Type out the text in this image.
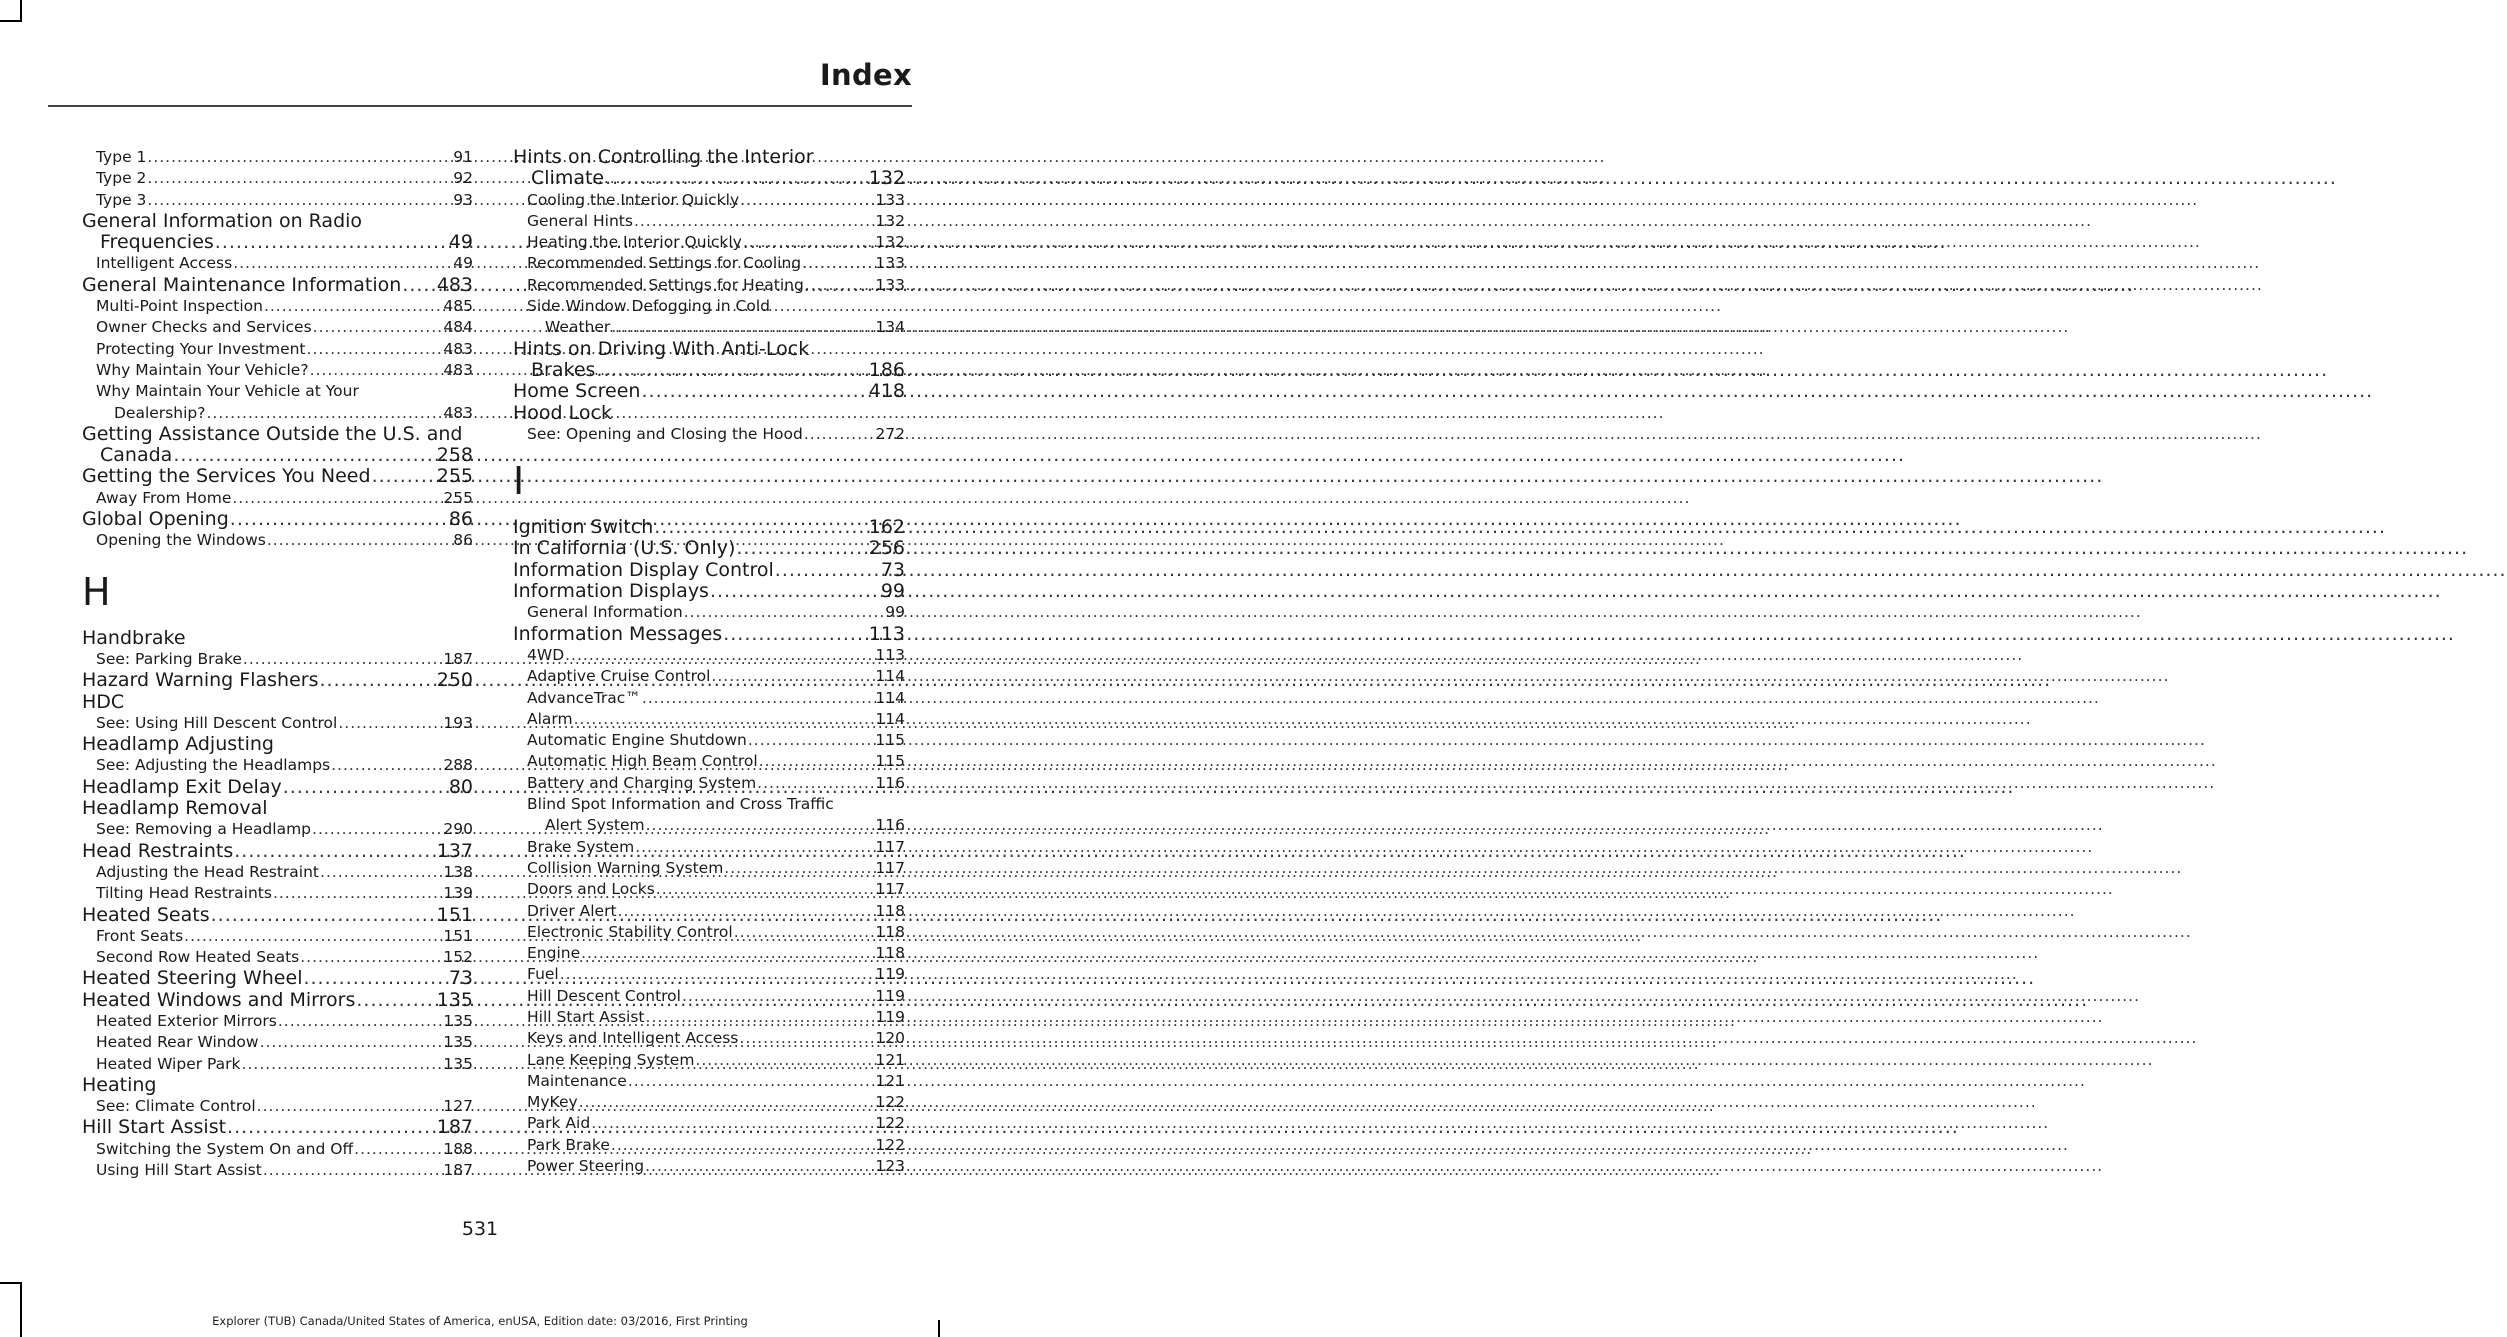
Index
Type 1 .....	91
Type 2 .....	92
Type 3 .....	93
General Information on Radio
Frequencies .....	49
Intelligent Access .....	49
General Maintenance Information ..... 483
Multi-Point Inspection .....	485
Owner Checks and Services .....	484
Protecting Your Investment .....	483
Why Maintain Your Vehicle? .....	483
Why Maintain Your Vehicle at Your
Dealership? .....	483
Getting Assistance Outside the U.S. and
Canada .....	258
Getting the Services You Need .....	255
Away From Home .....	255
Global Opening .....	86
Opening the Windows .....	86
H
Handbrake
See: Parking Brake .....	187
Hazard Warning Flashers .....	250
HDC
See: Using Hill Descent Control .....	193
Headlamp Adjusting
See: Adjusting the Headlamps .....	288
Headlamp Exit Delay .....	80
Headlamp Removal
See: Removing a Headlamp .....	290
Head Restraints .....	137
Adjusting the Head Restraint .....	138
Tilting Head Restraints .....	139
Heated Seats .....	151
Front Seats .....	151
Second Row Heated Seats .....	152
Heated Steering Wheel .....	73
Heated Windows and Mirrors .....	135
Heated Exterior Mirrors .....	135
Heated Rear Window .....	135
Heated Wiper Park .....	135
Heating
See: Climate Control .....	127
Hill Start Assist .....	187
Switching the System On and Off .....	188
Using Hill Start Assist .....	187
Hints on Controlling the Interior
Climate .....	132
Cooling the Interior Quickly .....	133
General Hints .....	132
Heating the Interior Quickly .....	132
Recommended Settings for Cooling .....	133
Recommended Settings for Heating .....	133
Side Window Defogging in Cold
Weather .....	134
Hints on Driving With Anti-Lock
Brakes .....	186
Home Screen .....	418
Hood Lock
See: Opening and Closing the Hood .....	272
I
Ignition Switch .....	162
In California (U.S. Only) .....	256
Information Display Control .....	73
Information Displays .....	99
General Information .....	99
Information Messages .....	113
4WD .....	113
Adaptive Cruise Control .....	114
AdvanceTrac™ .....	114
Alarm .....	114
Automatic Engine Shutdown .....	115
Automatic High Beam Control .....	115
Battery and Charging System .....	116
Blind Spot Information and Cross Traffic
Alert System .....	116
Brake System .....	117
Collision Warning System .....	117
Doors and Locks .....	117
Driver Alert .....	118
Electronic Stability Control .....	118
Engine .....	118
Fuel .....	119
Hill Descent Control .....	119
Hill Start Assist .....	119
Keys and Intelligent Access .....	120
Lane Keeping System .....	121
Maintenance .....	121
MyKey .....	122
Park Aid .....	122
Park Brake .....	122
Power Steering .....	123
531
Explorer (TUB) Canada/United States of America, enUSA, Edition date: 03/2016, First Printing
